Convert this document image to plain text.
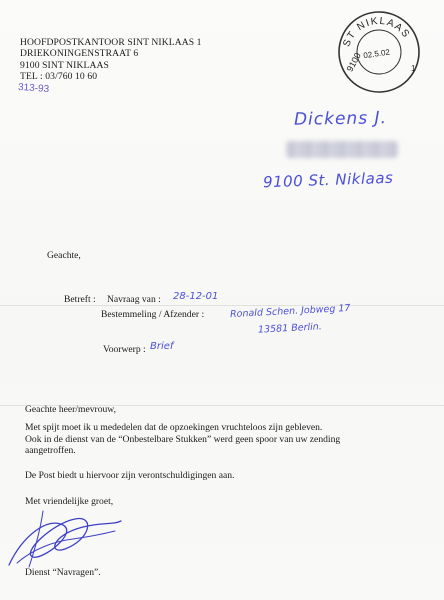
HOOFDPOSTKANTOOR SINT NIKLAAS 1
DRIEKONINGENSTRAAT 6
9100 SINT NIKLAAS
TEL : 03/760 10 60
313-93
ST NIKLAAS
9100 02.5.02
1
Dickens J.
9100 St. Niklaas
Geachte,
Betreft : Navraag van : 28-12-01
Bestemmeling / Afzender :	Ronald Schen. Jobweg 17
13581 Berlin.
Voorwerp : Brief
Geachte heer/mevrouw,
Met spijt moet ik u mededelen dat de opzoekingen vruchteloos zijn gebleven.
Ook in de dienst van de “Onbestelbare Stukken” werd geen spoor van uw zending
aangetroffen.
De Post biedt u hiervoor zijn verontschuldigingen aan.
Met vriendelijke groet,
Dienst “Navragen”.
